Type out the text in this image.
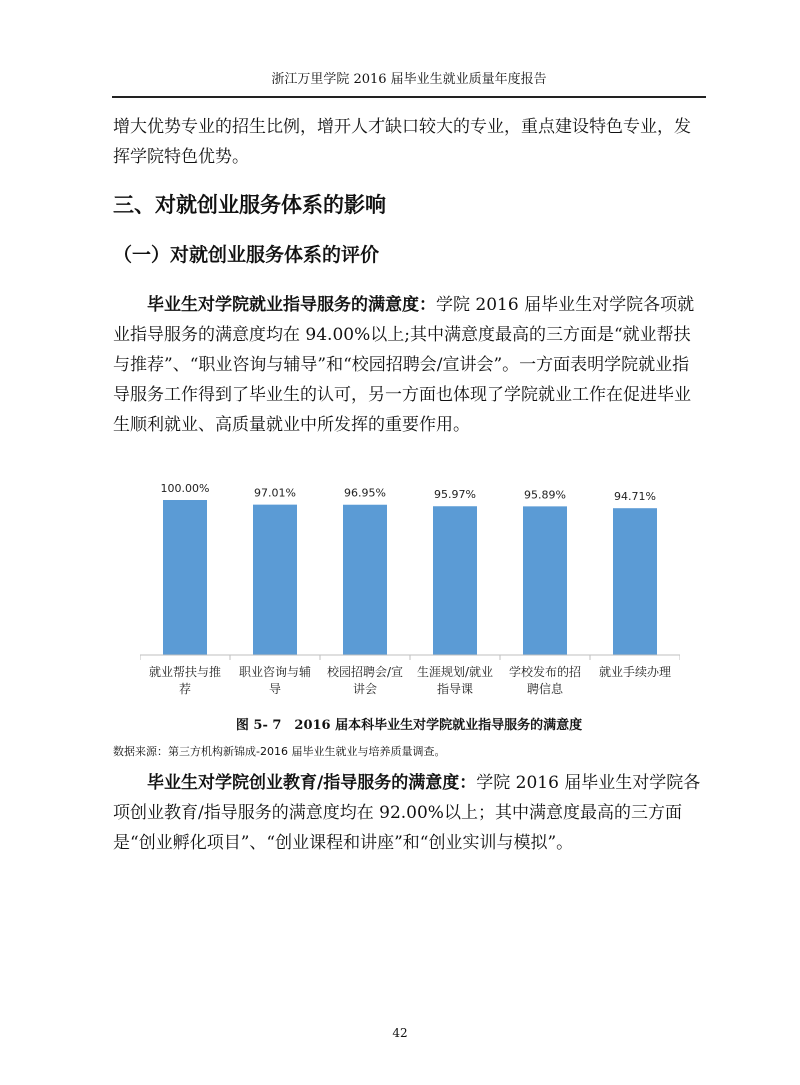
浙江万里学院 2016 届毕业生就业质量年度报告

增大优势专业的招生比例，增开人才缺口较大的专业，重点建设特色专业，发挥学院特色优势。

三、对就创业服务体系的影响
（一）对就创业服务体系的评价

毕业生对学院就业指导服务的满意度：学院 2016 届毕业生对学院各项就业指导服务的满意度均在 94.00%以上;其中满意度最高的三方面是“就业帮扶与推荐”、“职业咨询与辅导”和“校园招聘会/宣讲会”。一方面表明学院就业指导服务工作得到了毕业生的认可，另一方面也体现了学院就业工作在促进毕业生顺利就业、高质量就业中所发挥的重要作用。

100.00%	97.01%	96.95%	95.97%	95.89%	94.71%
就业帮扶与推
荐
职业咨询与辅
导
校园招聘会/宣
讲会
生涯规划/就业
指导课
学校发布的招
聘信息
就业手续办理
图 5- 7　2016 届本科毕业生对学院就业指导服务的满意度
数据来源：第三方机构新锦成-2016 届毕业生就业与培养质量调查。

毕业生对学院创业教育/指导服务的满意度：学院 2016 届毕业生对学院各项创业教育/指导服务的满意度均在 92.00%以上；其中满意度最高的三方面是“创业孵化项目”、“创业课程和讲座”和“创业实训与模拟”。

42
